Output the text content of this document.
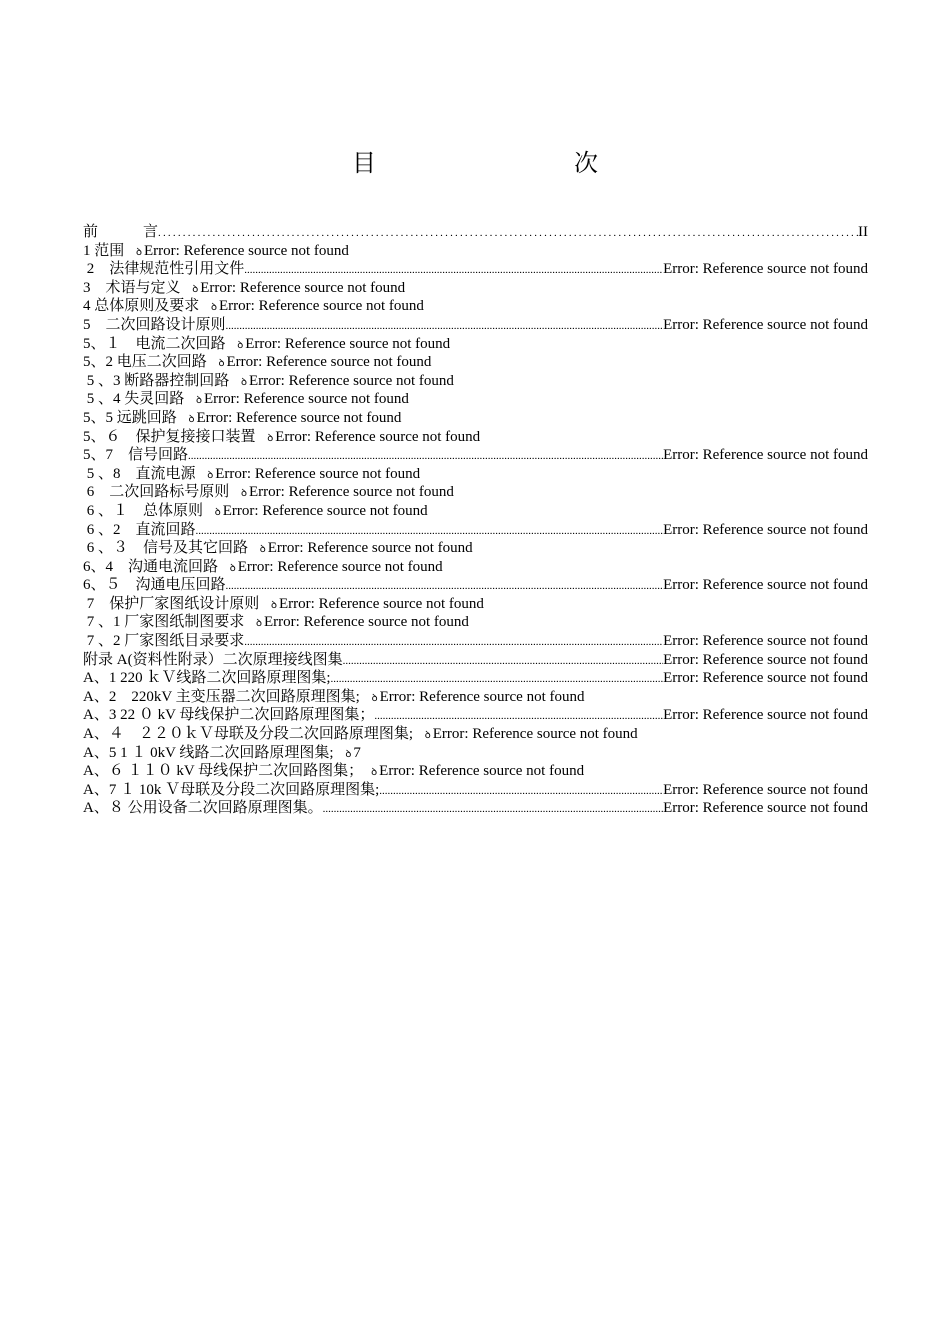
目　　次
前　　　言 .....	II
1 范围 ꝺ Error: Reference source not found
2　法律规范性引用文件 .....	Error: Reference source not found
3　术语与定义 ꝺ Error: Reference source not found
4 总体原则及要求 ꝺ Error: Reference source not found
5　二次回路设计原则 .....	Error: Reference source not found
5、１　电流二次回路 ꝺ Error: Reference source not found
5、2 电压二次回路 ꝺ Error: Reference source not found
5 、3 断路器控制回路 ꝺ Error: Reference source not found
5 、4 失灵回路 ꝺ Error: Reference source not found
5、5 远跳回路 ꝺ Error: Reference source not found
5、６　保护复接接口装置 ꝺ Error: Reference source not found
5、7　信号回路 .....	Error: Reference source not found
5 、8　直流电源 ꝺ Error: Reference source not found
6　二次回路标号原则 ꝺ Error: Reference source not found
6 、１　总体原则 ꝺ Error: Reference source not found
6 、2　直流回路 .....	Error: Reference source not found
6 、３　信号及其它回路 ꝺ Error: Reference source not found
6、4　沟通电流回路 ꝺ Error: Reference source not found
6、５　沟通电压回路 .....	Error: Reference source not found
7　保护厂家图纸设计原则 ꝺ Error: Reference source not found
7 、1 厂家图纸制图要求 ꝺ Error: Reference source not found
7 、2 厂家图纸目录要求 .....	Error: Reference source not found
附录 A(资料性附录）二次原理接线图集 .....	Error: Reference source not found
A、1 220 ｋＶ线路二次回路原理图集; .....	Error: Reference source not found
A、2　220kV 主变压器二次回路原理图集; ꝺ Error: Reference source not found
A、3 22 ０ kV 母线保护二次回路原理图集； .....	Error: Reference source not found
A、４　２２０ｋＶ母联及分段二次回路原理图集; ꝺ Error: Reference source not found
A、5 1 １ 0kV 线路二次回路原理图集; ꝺ 7
A、６ １１０ kV 母线保护二次回路图集； ꝺ Error: Reference source not found
A、7 １ 10k Ｖ母联及分段二次回路原理图集; .....	Error: Reference source not found
A、８ 公用设备二次回路原理图集。 .....	Error: Reference source not found
